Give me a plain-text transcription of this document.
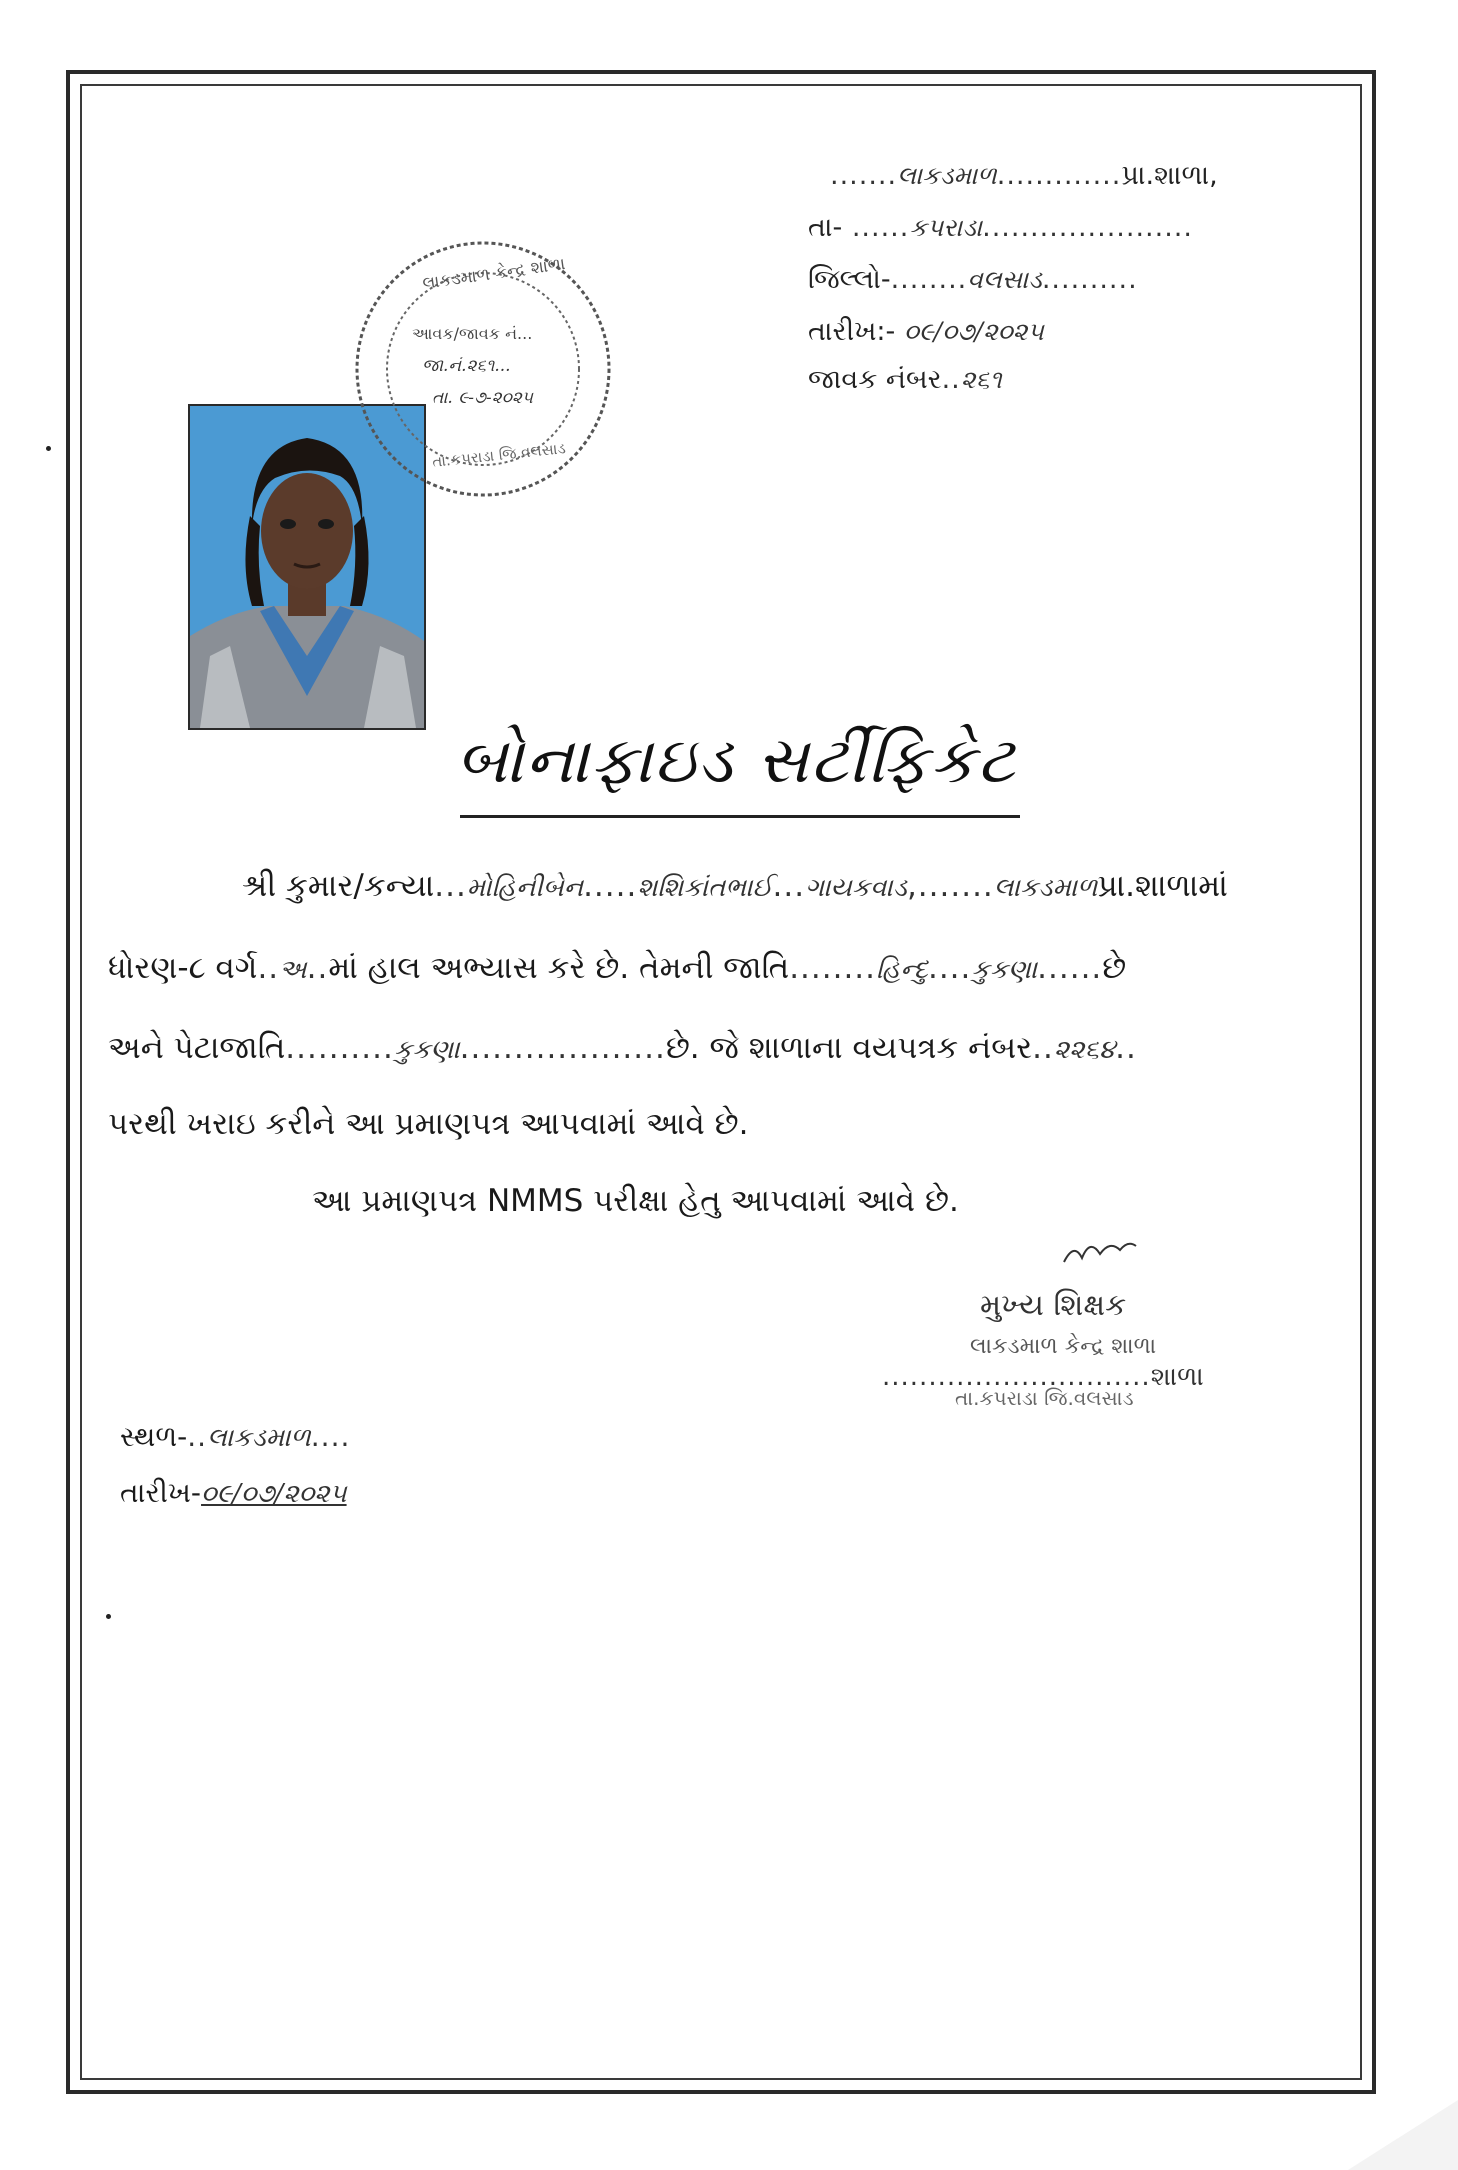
.......લાકડમાળ.............પ્રા.શાળા,
તા- ......કપરાડા......................
જિલ્લો-........વલસાડ..........
તારીખ:- ૦૯/૦૭/૨૦૨૫
જાવક નંબર..૨૬૧
લાકડમાળ કેન્દ્ર શાળા
આવક/જાવક નં...
જા.નં.૨૬૧...
તા. ૯-૭-૨૦૨૫
તા.કપરાડા જિ.વલસાડ
બોનાફાઇડ સર્ટીફિકેટ
શ્રી કુમાર/કન્યા...મોહિનીબેન.....શશિકાંતભાઈ...ગાયકવાડ,.......લાકડમાળપ્રા.શાળામાં
ધોરણ-૮ વર્ગ..અ..માં હાલ અભ્યાસ કરે છે. તેમની જાતિ........હિન્દુ....કુકણા......છે
અને પેટાજાતિ..........કુકણા...................છે. જે શાળાના વયપત્રક નંબર..૨૨૬૪..
પરથી ખરાઇ કરીને આ પ્રમાણપત્ર આપવામાં આવે છે.
આ પ્રમાણપત્ર NMMS પરીક્ષા હેતુ આપવામાં આવે છે.
મુખ્ય શિક્ષક
લાકડમાળ કેન્દ્ર શાળા
.............................શાળા
તા.કપરાડા જિ.વલસાડ
સ્થળ-..લાકડમાળ....
તારીખ-૦૯/૦૭/૨૦૨૫
